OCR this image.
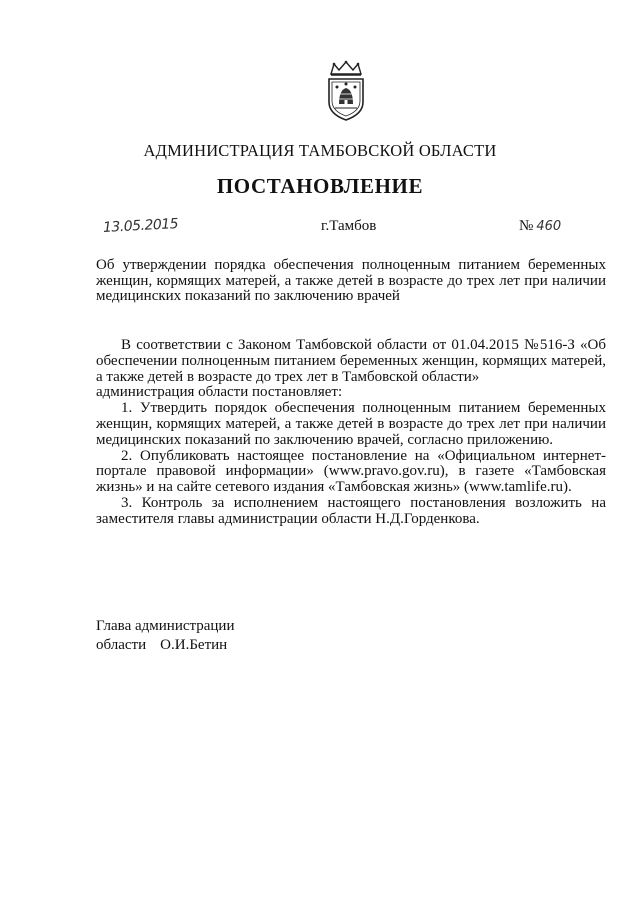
АДМИНИСТРАЦИЯ ТАМБОВСКОЙ ОБЛАСТИ
ПОСТАНОВЛЕНИЕ
13.05.2015	г.Тамбов	№ 460
Об утверждении порядка обеспечения полноценным питанием беременных женщин, кормящих матерей, а также детей в возрасте до трех лет при наличии медицинских показаний по заключению врачей

В соответствии с Законом Тамбовской области от 01.04.2015 №516-З «Об обеспечении полноценным питанием беременных женщин, кормящих матерей, а также детей в возрасте до трех лет в Тамбовской области»

администрация области постановляет:

1. Утвердить порядок обеспечения полноценным питанием беременных женщин, кормящих матерей, а также детей в возрасте до трех лет при наличии медицинских показаний по заключению врачей, согласно приложению.

2. Опубликовать настоящее постановление на «Официальном интернет-портале правовой информации» (www.pravo.gov.ru), в газете «Тамбовская жизнь» и на сайте сетевого издания «Тамбовская жизнь» (www.tamlife.ru).

3. Контроль за исполнением настоящего постановления возложить на заместителя главы администрации области Н.Д.Горденкова.

Глава администрации
области О.И.Бетин
